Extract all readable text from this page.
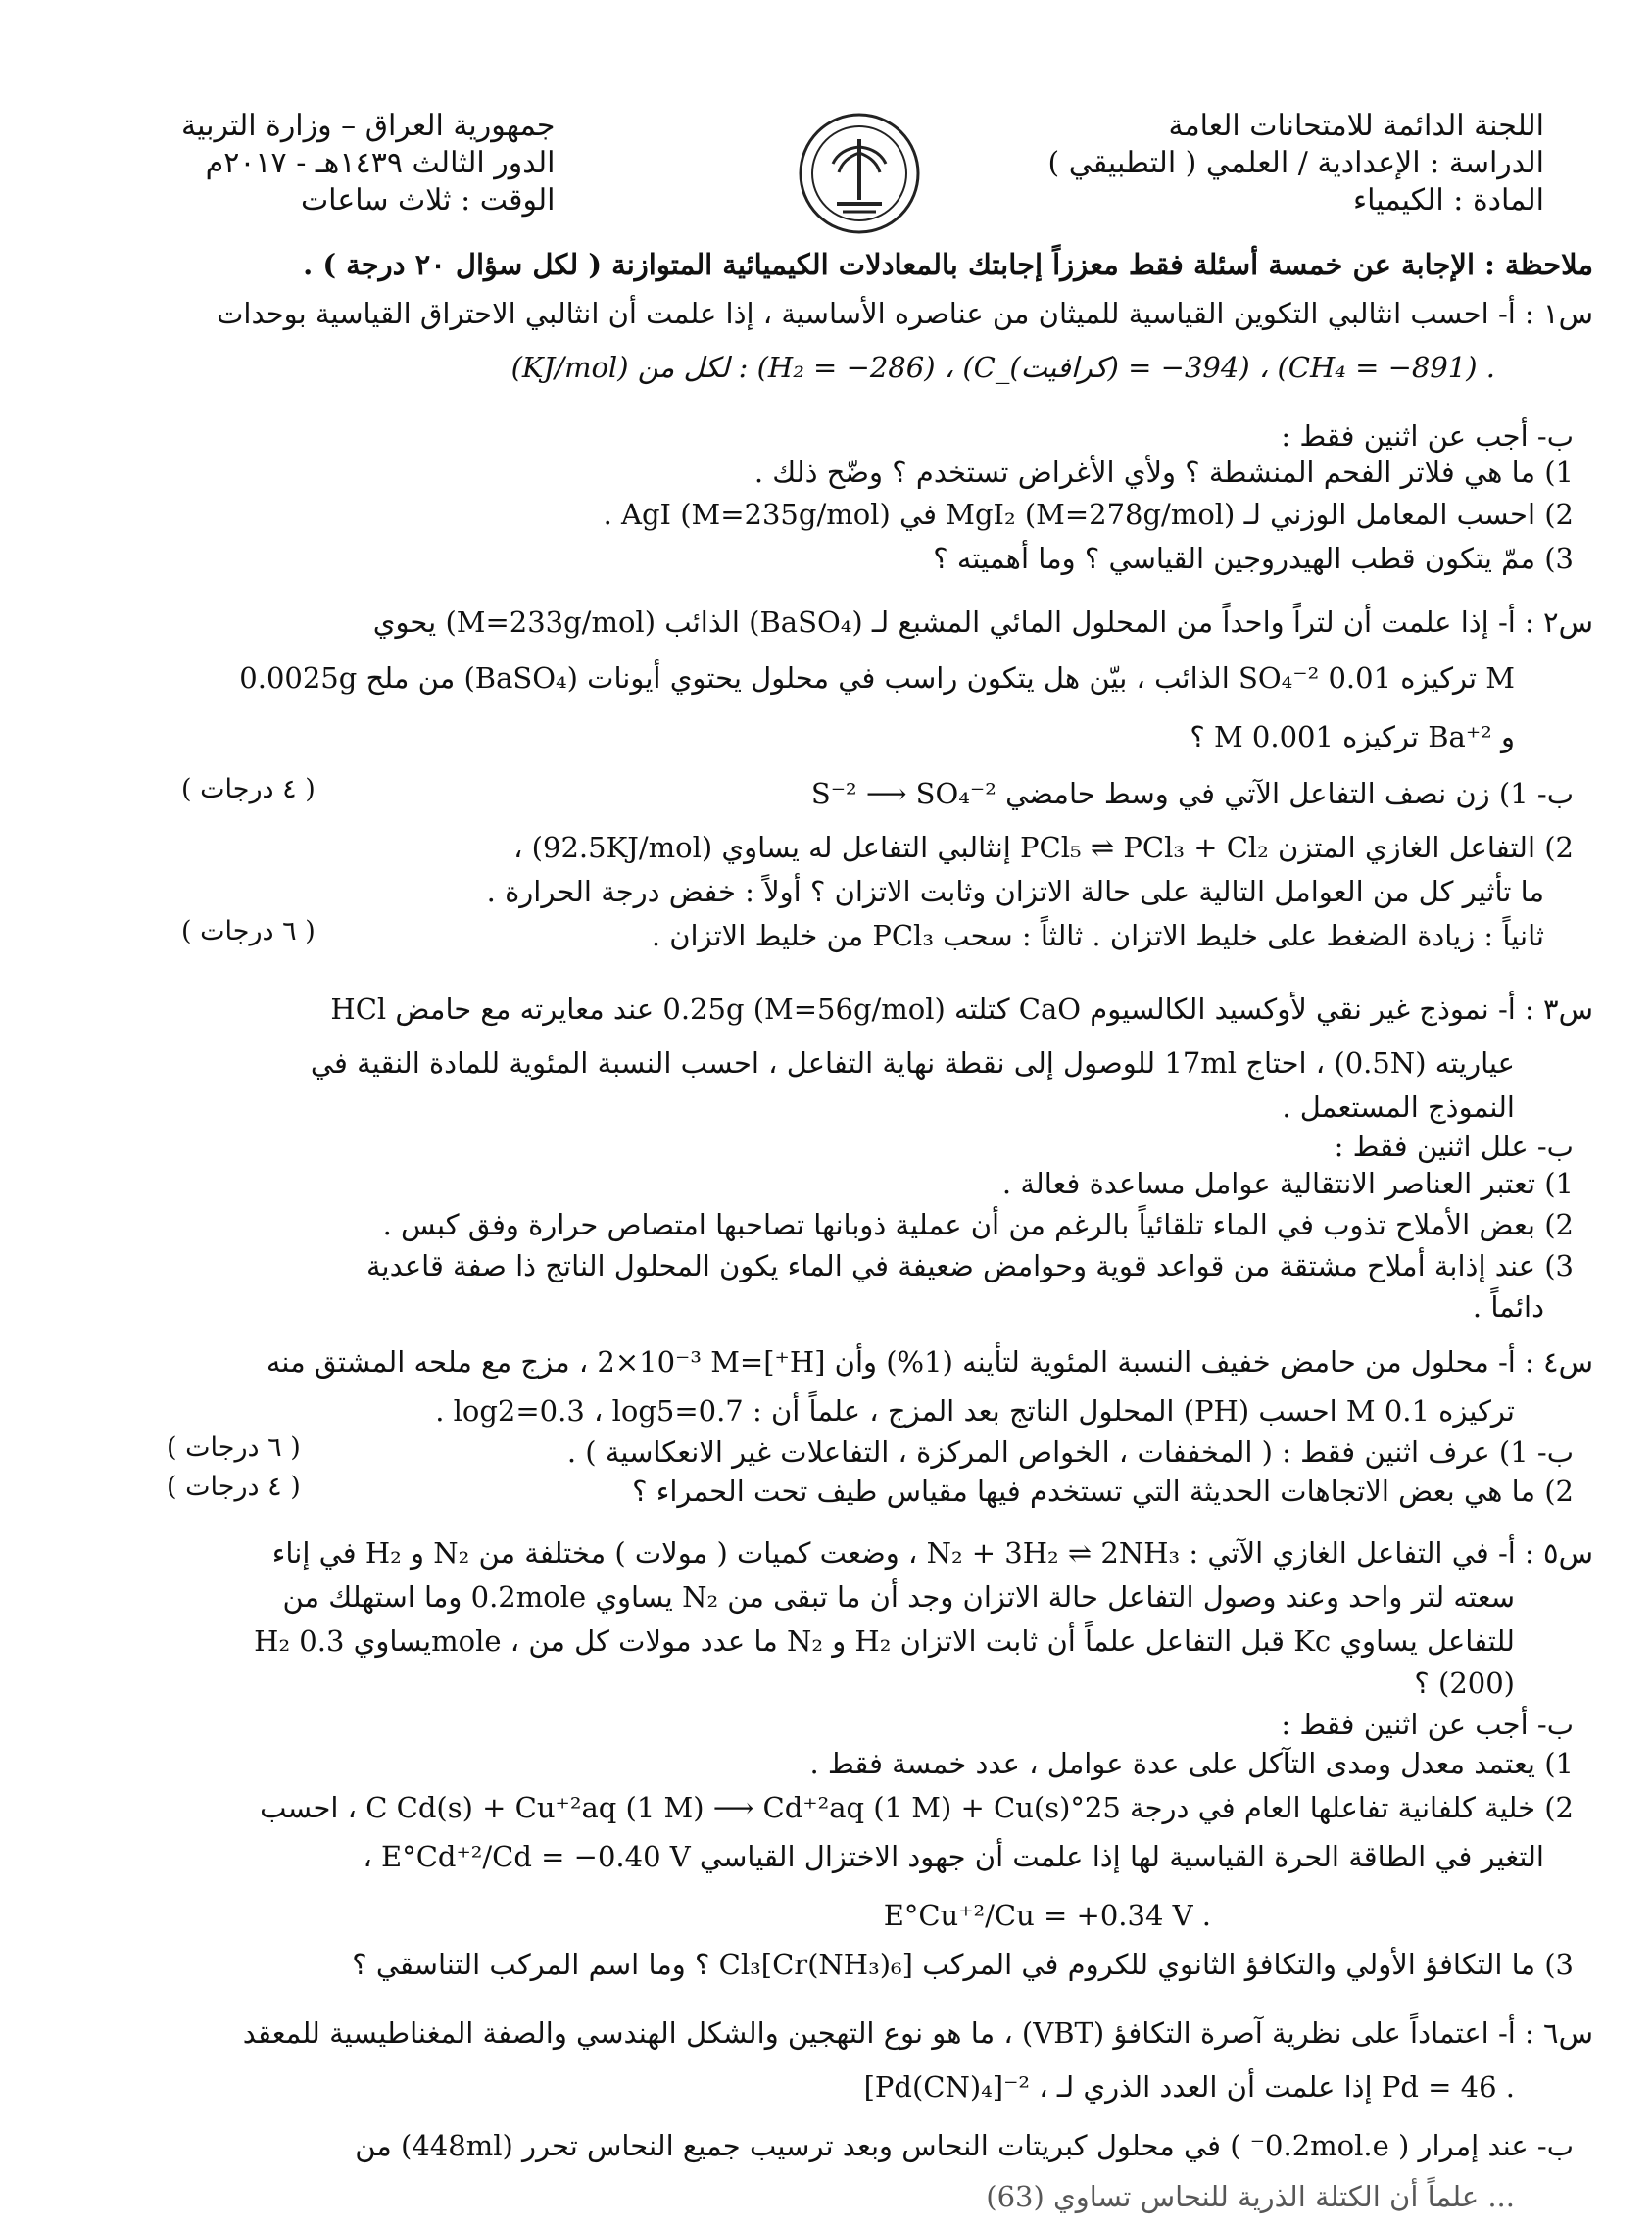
اللجنة الدائمة للامتحانات العامة
الدراسة : الإعدادية / العلمي ( التطبيقي )
المادة : الكيمياء
جمهورية العراق – وزارة التربية
الدور الثالث ١٤٣٩هـ - ٢٠١٧م
الوقت : ثلاث ساعات
ملاحظة : الإجابة عن خمسة أسئلة فقط معززاً إجابتك بالمعادلات الكيميائية المتوازنة ( لكل سؤال ٢٠ درجة ) .
س١ : أ- احسب انثالبي التكوين القياسية للميثان من عناصره الأساسية ، إذا علمت أن انثالبي الاحتراق القياسية بوحدات
(KJ/mol) لكل من : (H₂ = −286) ، (C_(كرافيت) = −394) ، (CH₄ = −891) .
ب- أجب عن اثنين فقط :
1) ما هي فلاتر الفحم المنشطة ؟ ولأي الأغراض تستخدم ؟ وضّح ذلك .
2) احسب المعامل الوزني لـ MgI₂ (M=278g/mol) في AgI (M=235g/mol) .
3) ممّ يتكون قطب الهيدروجين القياسي ؟ وما أهميته ؟
س٢ : أ- إذا علمت أن لتراً واحداً من المحلول المائي المشبع لـ (BaSO₄) الذائب (M=233g/mol) يحوي
0.0025g من ملح (BaSO₄) الذائب ، بيّن هل يتكون راسب في محلول يحتوي أيونات SO₄⁻² تركيزه 0.01 M
و Ba⁺² تركيزه 0.001 M ؟
ب- 1) زن نصف التفاعل الآتي في وسط حامضي S⁻² ⟶ SO₄⁻²
( ٤ درجات )
2) التفاعل الغازي المتزن PCl₅ ⇌ PCl₃ + Cl₂ إنثالبي التفاعل له يساوي (92.5KJ/mol) ،
ما تأثير كل من العوامل التالية على حالة الاتزان وثابت الاتزان ؟ أولاً : خفض درجة الحرارة .
ثانياً : زيادة الضغط على خليط الاتزان . ثالثاً : سحب PCl₃ من خليط الاتزان .
( ٦ درجات )
س٣ : أ- نموذج غير نقي لأوكسيد الكالسيوم CaO كتلته 0.25g (M=56g/mol) عند معايرته مع حامض HCl
عياريته (0.5N) ، احتاج 17ml للوصول إلى نقطة نهاية التفاعل ، احسب النسبة المئوية للمادة النقية في
النموذج المستعمل .
ب- علل اثنين فقط :
1) تعتبر العناصر الانتقالية عوامل مساعدة فعالة .
2) بعض الأملاح تذوب في الماء تلقائياً بالرغم من أن عملية ذوبانها تصاحبها امتصاص حرارة وفق كبس .
3) عند إذابة أملاح مشتقة من قواعد قوية وحوامض ضعيفة في الماء يكون المحلول الناتج ذا صفة قاعدية
دائماً .
س٤ : أ- محلول من حامض خفيف النسبة المئوية لتأينه (1%) وأن [H⁺]=2×10⁻³ M ، مزج مع ملحه المشتق منه
تركيزه 0.1 M احسب (PH) المحلول الناتج بعد المزج ، علماً أن : log2=0.3 ، log5=0.7 .
ب- 1) عرف اثنين فقط : ( المخففات ، الخواص المركزة ، التفاعلات غير الانعكاسية ) .
( ٦ درجات )
2) ما هي بعض الاتجاهات الحديثة التي تستخدم فيها مقياس طيف تحت الحمراء ؟
( ٤ درجات )
س٥ : أ- في التفاعل الغازي الآتي : N₂ + 3H₂ ⇌ 2NH₃ ، وضعت كميات ( مولات ) مختلفة من N₂ و H₂ في إناء
سعته لتر واحد وعند وصول التفاعل حالة الاتزان وجد أن ما تبقى من N₂ يساوي 0.2mole وما استهلك من
H₂ يساوي 0.3mole ، ما عدد مولات كل من N₂ و H₂ قبل التفاعل علماً أن ثابت الاتزان Kc للتفاعل يساوي
(200) ؟
ب- أجب عن اثنين فقط :
1) يعتمد معدل ومدى التآكل على عدة عوامل ، عدد خمسة فقط .
2) خلية كلفانية تفاعلها العام في درجة 25°C Cd(s) + Cu⁺²aq (1 M) ⟶ Cd⁺²aq (1 M) + Cu(s) ، احسب
التغير في الطاقة الحرة القياسية لها إذا علمت أن جهود الاختزال القياسي E°Cd⁺²/Cd = −0.40 V ،
E°Cu⁺²/Cu = +0.34 V .
3) ما التكافؤ الأولي والتكافؤ الثانوي للكروم في المركب [Cr(NH₃)₆]Cl₃ ؟ وما اسم المركب التناسقي ؟
س٦ : أ- اعتماداً على نظرية آصرة التكافؤ (VBT) ، ما هو نوع التهجين والشكل الهندسي والصفة المغناطيسية للمعقد
[Pd(CN)₄]⁻² ، إذا علمت أن العدد الذري لـ Pd = 46 .
ب- عند إمرار ( 0.2mol.e⁻ ) في محلول كبريتات النحاس وبعد ترسيب جميع النحاس تحرر (448ml) من
... علماً أن الكتلة الذرية للنحاس تساوي (63)
